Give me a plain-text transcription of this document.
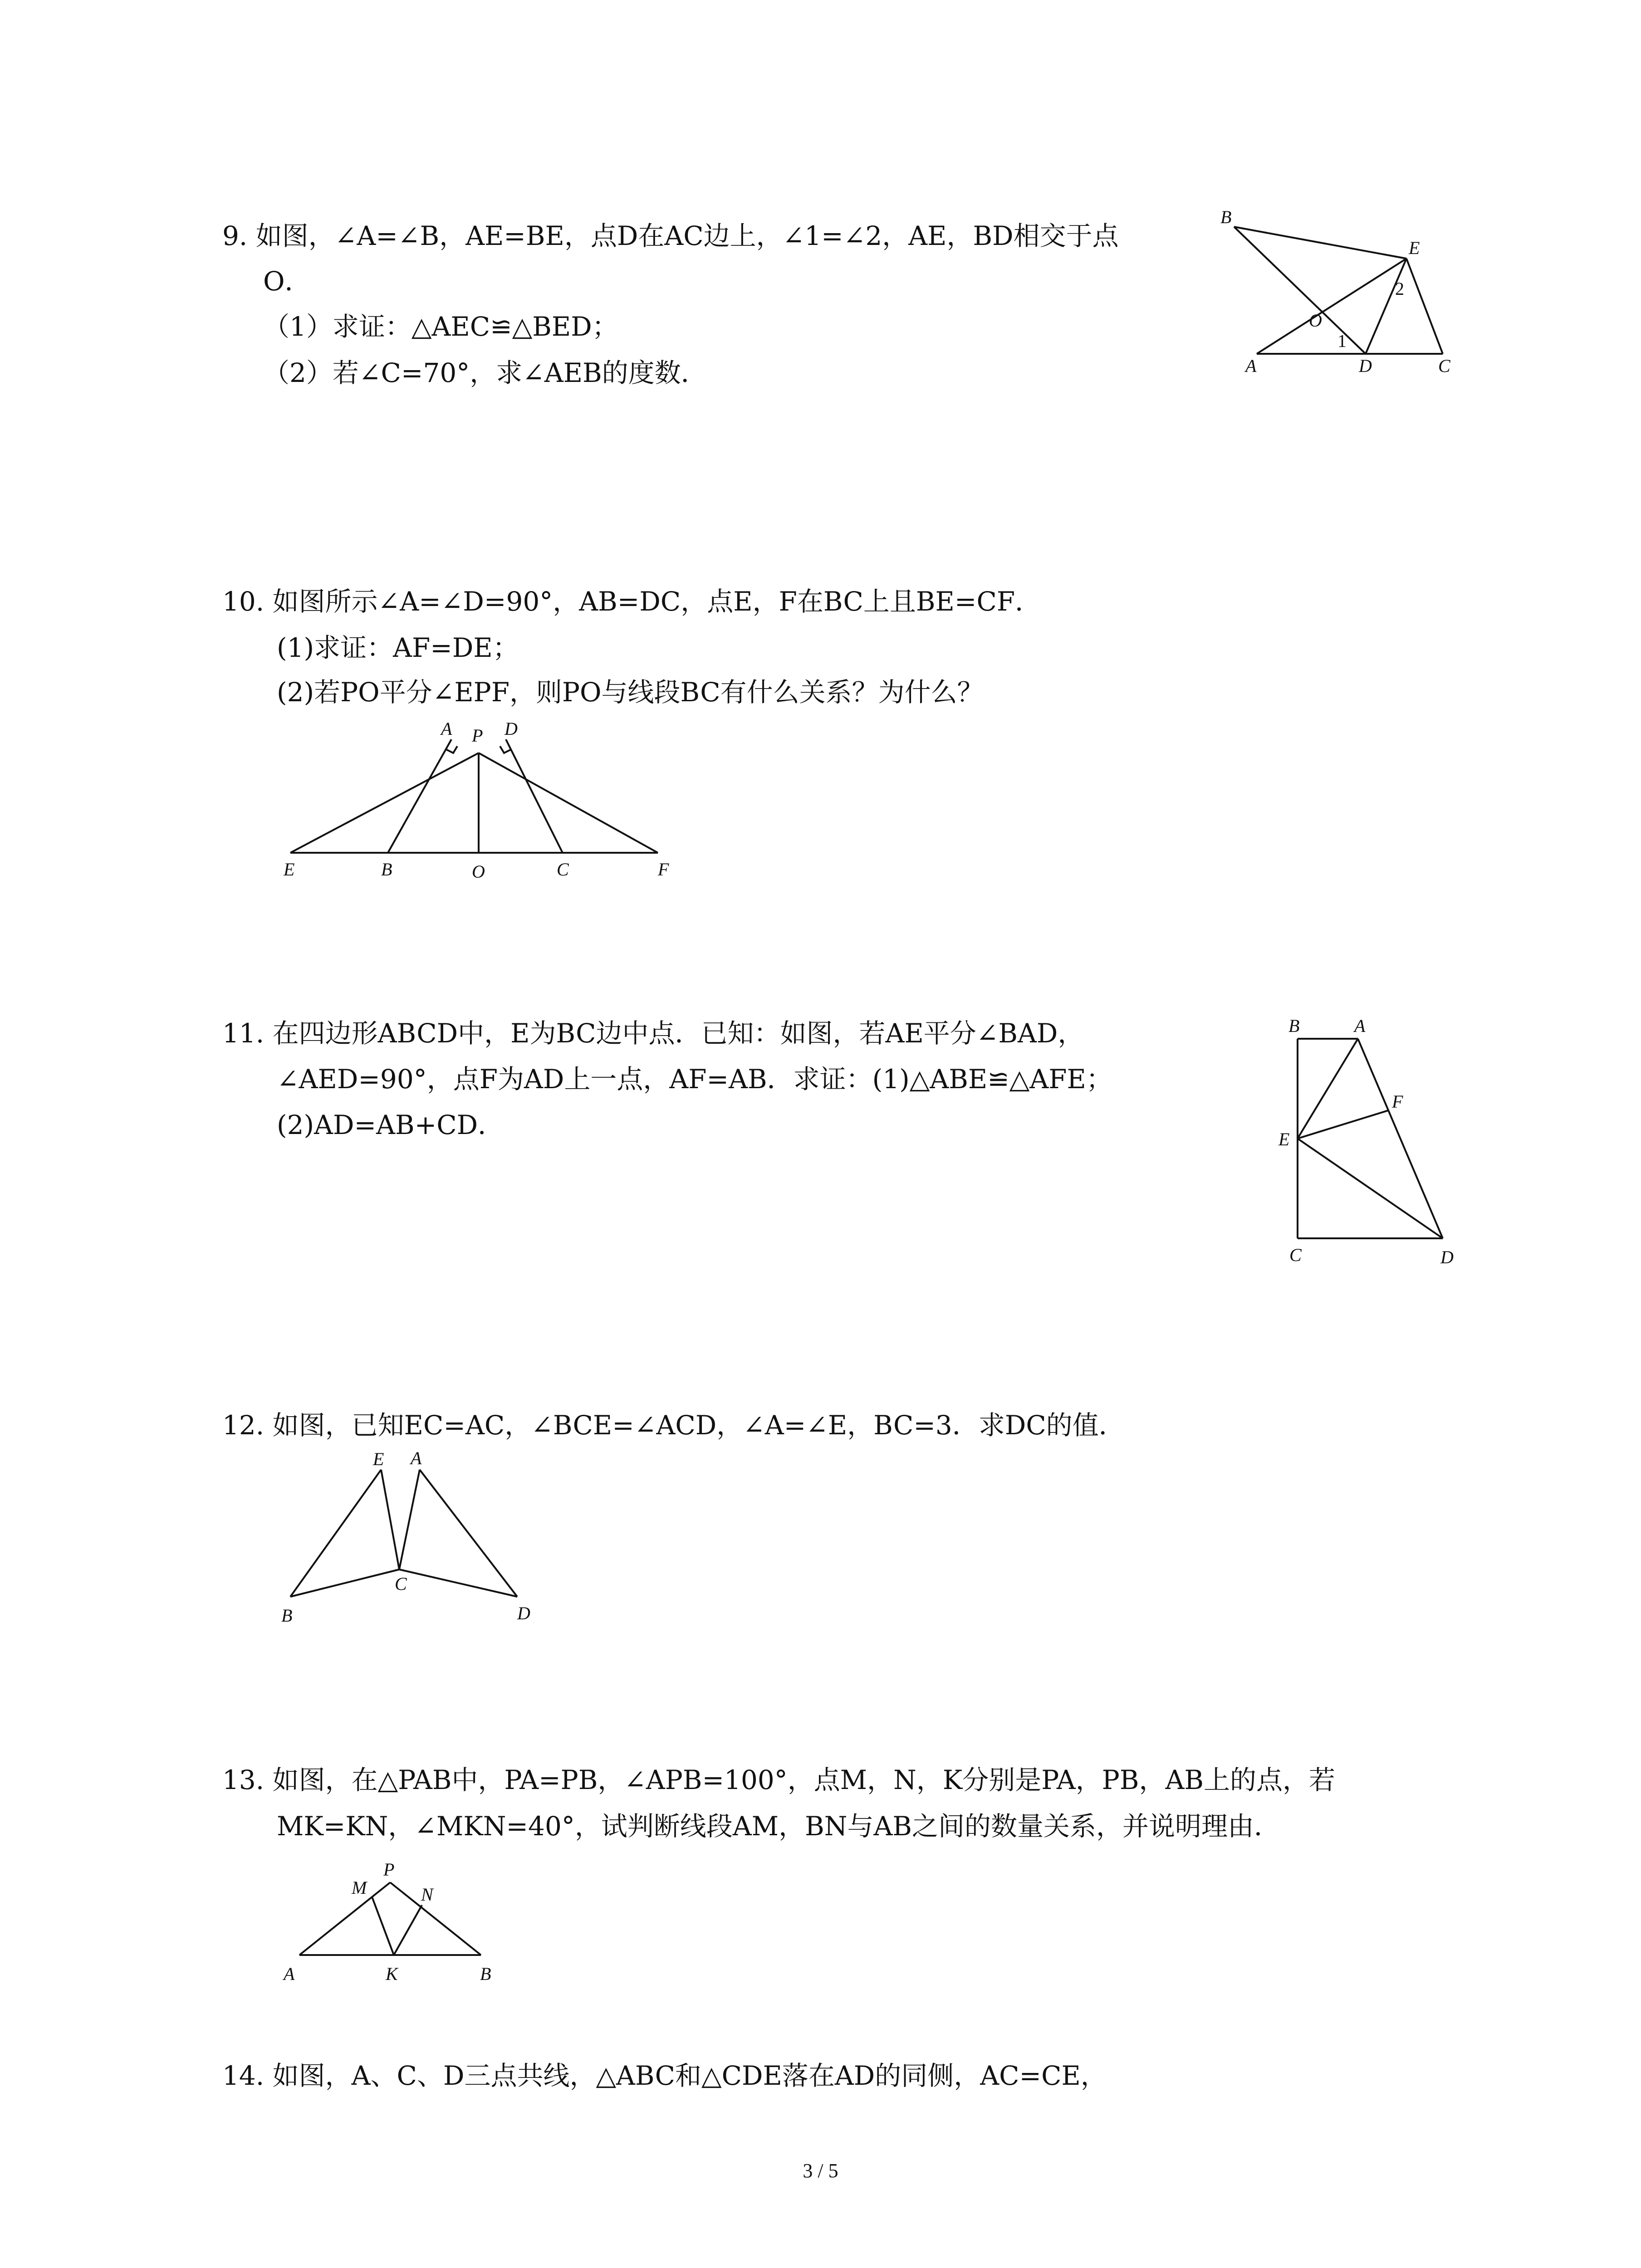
9. 如图，∠A=∠B，AE=BE，点D在AC边上，∠1=∠2，AE，BD相交于点
O．
（1）求证：△AEC≌△BED；
（2）若∠C=70°，求∠AEB的度数．
B
E
2
O
1
A	D	C
10. 如图所示∠A=∠D=90°，AB=DC，点E，F在BC上且BE=CF．
(1)求证：AF=DE；
(2)若PO平分∠EPF，则PO与线段BC有什么关系？为什么？
A P D
E	B	O	C	F
11. 在四边形ABCD中，E为BC边中点．已知：如图，若AE平分∠BAD，
∠AED=90°，点F为AD上一点，AF=AB．求证：(1)△ABE≌△AFE；
(2)AD=AB+CD．
B	A
F
E
C	D
12. 如图，已知EC=AC，∠BCE=∠ACD，∠A=∠E，BC=3．求DC的值．
E A
C
B	D
13. 如图，在△PAB中，PA=PB，∠APB=100°，点M，N，K分别是PA，PB，AB上的点，若
MK=KN，∠MKN=40°，试判断线段AM，BN与AB之间的数量关系，并说明理由．
P
M	N
A	K	B
14. 如图，A、C、D三点共线，△ABC和△CDE落在AD的同侧，AC=CE，
3 / 5
